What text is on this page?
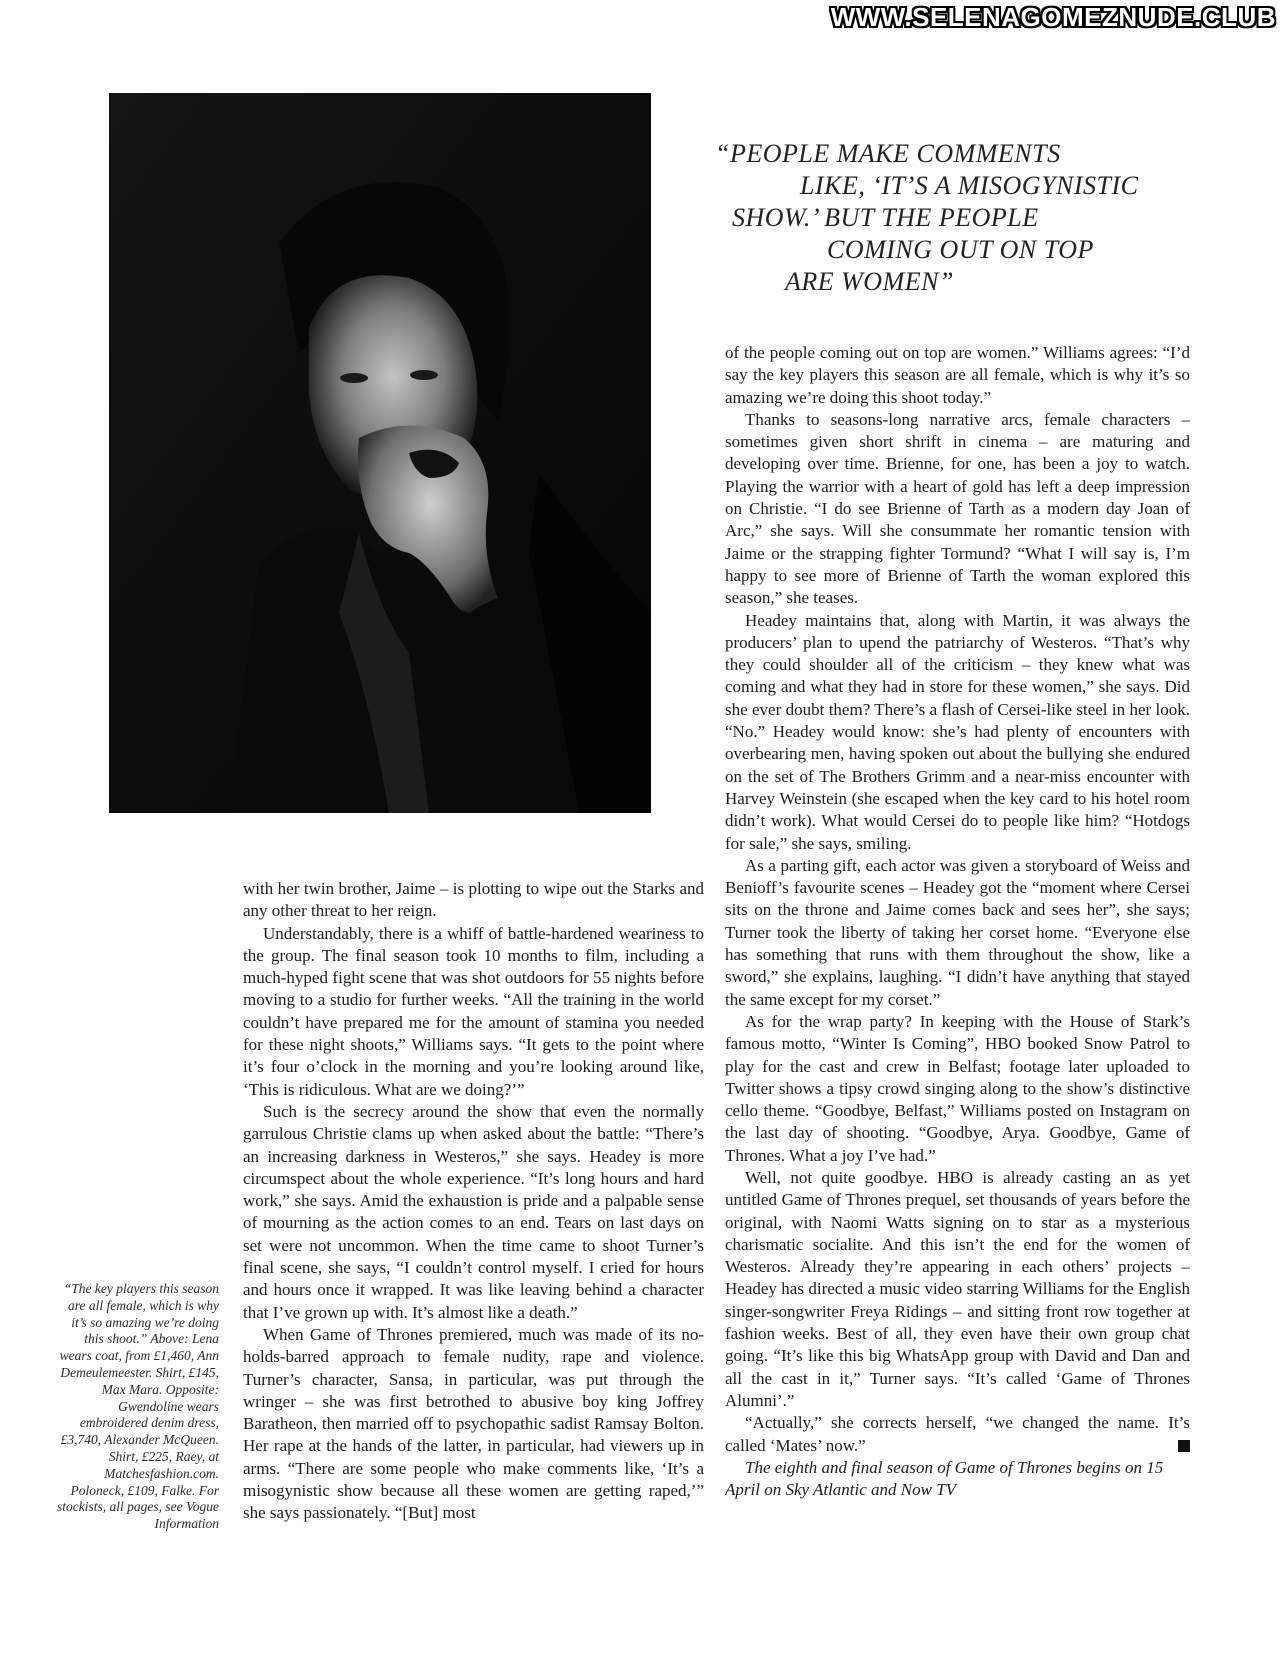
WWW.SELENAGOMEZNUDE.CLUB
“PEOPLE MAKE COMMENTS
LIKE, ‘IT’S A MISOGYNISTIC
SHOW.’ BUT THE PEOPLE
COMING OUT ON TOP
ARE WOMEN”
“The key players this season are all female, which is why it’s so amazing we’re doing this shoot.” Above: Lena wears coat, from £1,460, Ann Demeulemeester. Shirt, £145, Max Mara. Opposite: Gwendoline wears embroidered denim dress, £3,740, Alexander McQueen. Shirt, £225, Raey, at Matchesfashion.com. Poloneck, £109, Falke. For stockists, all pages, see Vogue Information

with her twin brother, Jaime – is plotting to wipe out the Starks and any other threat to her reign.

Understandably, there is a whiff of battle-hardened weariness to the group. The final season took 10 months to film, including a much-hyped fight scene that was shot outdoors for 55 nights before moving to a studio for further weeks. “All the training in the world couldn’t have prepared me for the amount of stamina you needed for these night shoots,” Williams says. “It gets to the point where it’s four o’clock in the morning and you’re looking around like, ‘This is ridiculous. What are we doing?’”

Such is the secrecy around the show that even the normally garrulous Christie clams up when asked about the battle: “There’s an increasing darkness in Westeros,” she says. Headey is more circumspect about the whole experience. “It’s long hours and hard work,” she says. Amid the exhaustion is pride and a palpable sense of mourning as the action comes to an end. Tears on last days on set were not uncommon. When the time came to shoot Turner’s final scene, she says, “I couldn’t control myself. I cried for hours and hours once it wrapped. It was like leaving behind a character that I’ve grown up with. It’s almost like a death.”

When Game of Thrones premiered, much was made of its no-holds-barred approach to female nudity, rape and violence. Turner’s character, Sansa, in particular, was put through the wringer – she was first betrothed to abusive boy king Joffrey Baratheon, then married off to psychopathic sadist Ramsay Bolton. Her rape at the hands of the latter, in particular, had viewers up in arms. “There are some people who make comments like, ‘It’s a misogynistic show because all these women are getting raped,’” she says passionately. “[But] most

of the people coming out on top are women.” Williams agrees: “I’d say the key players this season are all female, which is why it’s so amazing we’re doing this shoot today.”

Thanks to seasons-long narrative arcs, female characters – sometimes given short shrift in cinema – are maturing and developing over time. Brienne, for one, has been a joy to watch. Playing the warrior with a heart of gold has left a deep impression on Christie. “I do see Brienne of Tarth as a modern day Joan of Arc,” she says. Will she consummate her romantic tension with Jaime or the strapping fighter Tormund? “What I will say is, I’m happy to see more of Brienne of Tarth the woman explored this season,” she teases.

Headey maintains that, along with Martin, it was always the producers’ plan to upend the patriarchy of Westeros. “That’s why they could shoulder all of the criticism – they knew what was coming and what they had in store for these women,” she says. Did she ever doubt them? There’s a flash of Cersei-like steel in her look. “No.” Headey would know: she’s had plenty of encounters with overbearing men, having spoken out about the bullying she endured on the set of The Brothers Grimm and a near-miss encounter with Harvey Weinstein (she escaped when the key card to his hotel room didn’t work). What would Cersei do to people like him? “Hotdogs for sale,” she says, smiling.

As a parting gift, each actor was given a storyboard of Weiss and Benioff’s favourite scenes – Headey got the “moment where Cersei sits on the throne and Jaime comes back and sees her”, she says; Turner took the liberty of taking her corset home. “Everyone else has something that runs with them throughout the show, like a sword,” she explains, laughing. “I didn’t have anything that stayed the same except for my corset.”

As for the wrap party? In keeping with the House of Stark’s famous motto, “Winter Is Coming”, HBO booked Snow Patrol to play for the cast and crew in Belfast; footage later uploaded to Twitter shows a tipsy crowd singing along to the show’s distinctive cello theme. “Goodbye, Belfast,” Williams posted on Instagram on the last day of shooting. “Goodbye, Arya. Goodbye, Game of Thrones. What a joy I’ve had.”

Well, not quite goodbye. HBO is already casting an as yet untitled Game of Thrones prequel, set thousands of years before the original, with Naomi Watts signing on to star as a mysterious charismatic socialite. And this isn’t the end for the women of Westeros. Already they’re appearing in each others’ projects – Headey has directed a music video starring Williams for the English singer-songwriter Freya Ridings – and sitting front row together at fashion weeks. Best of all, they even have their own group chat going. “It’s like this big WhatsApp group with David and Dan and all the cast in it,” Turner says. “It’s called ‘Game of Thrones Alumni’.”

“Actually,” she corrects herself, “we changed the name. It’s called ‘Mates’ now.”

The eighth and final season of Game of Thrones begins on 15 April on Sky Atlantic and Now TV
